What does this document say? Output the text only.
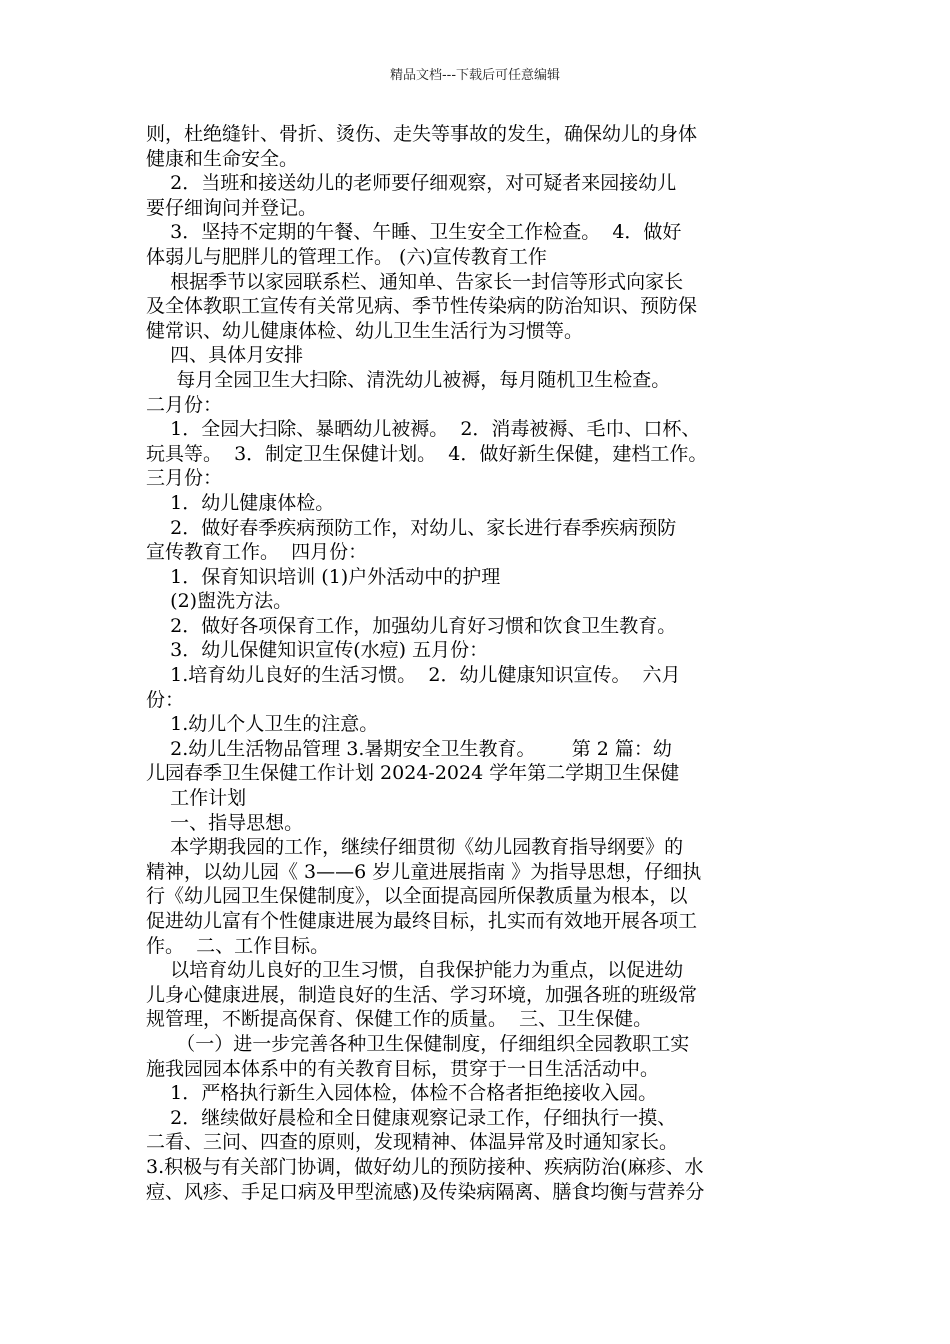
精品文档---下载后可任意编辑
则，杜绝缝针、骨折、烫伤、走失等事故的发生，确保幼儿的身体
健康和生命安全。
2．当班和接送幼儿的老师要仔细观察，对可疑者来园接幼儿
要仔细询问并登记。
3．坚持不定期的午餐、午睡、卫生安全工作检查。  4．做好
体弱儿与肥胖儿的管理工作。 (六)宣传教育工作
根据季节以家园联系栏、通知单、告家长一封信等形式向家长
及全体教职工宣传有关常见病、季节性传染病的防治知识、预防保
健常识、幼儿健康体检、幼儿卫生生活行为习惯等。
四、具体月安排
每月全园卫生大扫除、清洗幼儿被褥，每月随机卫生检查。
二月份：
1．全园大扫除、暴晒幼儿被褥。  2．消毒被褥、毛巾、口杯、
玩具等。  3．制定卫生保健计划。  4．做好新生保健，建档工作。
三月份：
1．幼儿健康体检。
2．做好春季疾病预防工作，对幼儿、家长进行春季疾病预防
宣传教育工作。  四月份：
1．保育知识培训 (1)户外活动中的护理
(2)盥洗方法。
2．做好各项保育工作，加强幼儿育好习惯和饮食卫生教育。
3．幼儿保健知识宣传(水痘) 五月份：
1.培育幼儿良好的生活习惯。  2．幼儿健康知识宣传。  六月
份：
1.幼儿个人卫生的注意。
2.幼儿生活物品管理 3.暑期安全卫生教育。      第 2 篇：幼
儿园春季卫生保健工作计划 2024-2024 学年第二学期卫生保健
工作计划
一、指导思想。
本学期我园的工作，继续仔细贯彻《幼儿园教育指导纲要》的
精神，以幼儿园《 3——6 岁儿童进展指南 》为指导思想，仔细执
行《幼儿园卫生保健制度》，以全面提高园所保教质量为根本，以
促进幼儿富有个性健康进展为最终目标，扎实而有效地开展各项工
作。  二、工作目标。
以培育幼儿良好的卫生习惯，自我保护能力为重点，以促进幼
儿身心健康进展，制造良好的生活、学习环境，加强各班的班级常
规管理，不断提高保育、保健工作的质量。  三、卫生保健。
（一）进一步完善各种卫生保健制度，仔细组织全园教职工实
施我园园本体系中的有关教育目标，贯穿于一日生活活动中。
1．严格执行新生入园体检，体检不合格者拒绝接收入园。
2．继续做好晨检和全日健康观察记录工作，仔细执行一摸、
二看、三问、四查的原则，发现精神、体温异常及时通知家长。
3.积极与有关部门协调，做好幼儿的预防接种、疾病防治(麻疹、水
痘、风疹、手足口病及甲型流感)及传染病隔离、膳食均衡与营养分
